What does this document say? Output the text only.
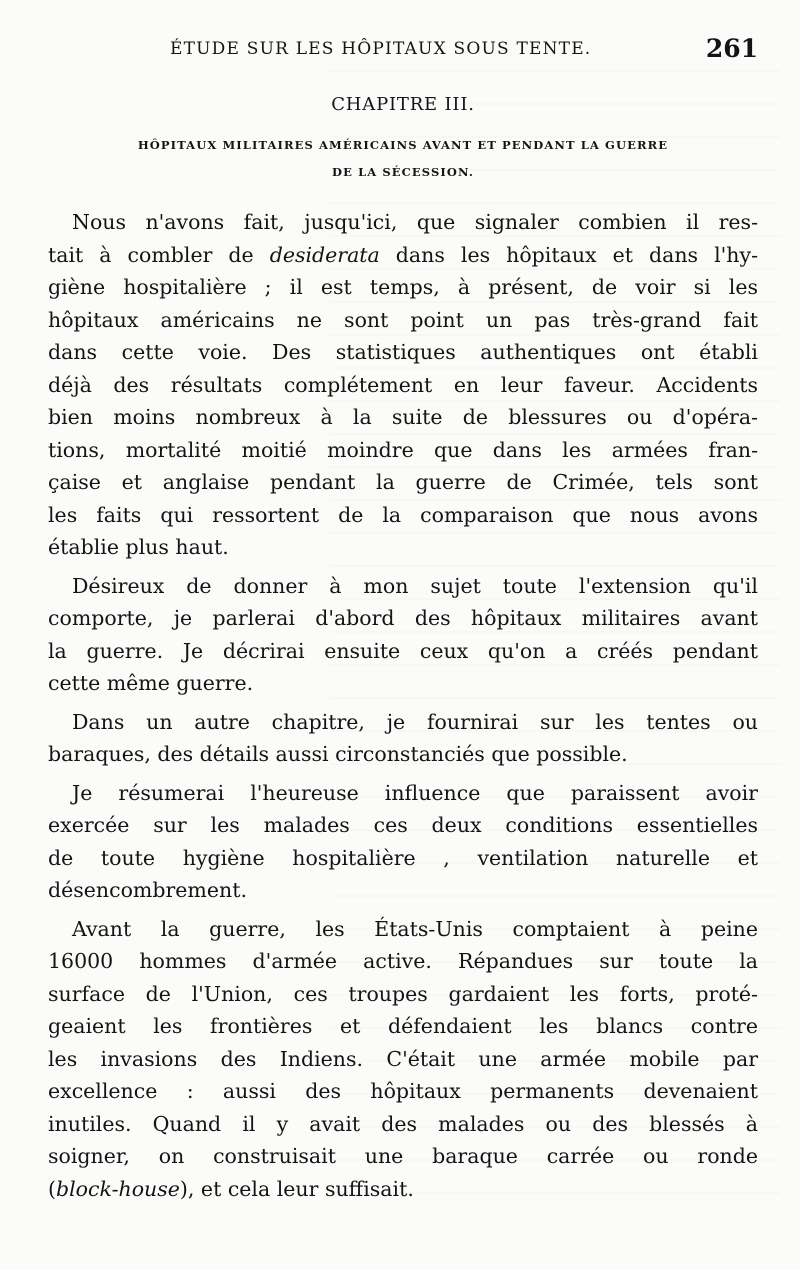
ÉTUDE SUR LES HÔPITAUX SOUS TENTE.	261
CHAPITRE III.
HÔPITAUX MILITAIRES AMÉRICAINS AVANT ET PENDANT LA GUERRE
DE LA SÉCESSION.

Nous n'avons fait, jusqu'ici, que signaler combien il res-
tait à combler de desiderata dans les hôpitaux et dans l'hy-
giène hospitalière ; il est temps, à présent, de voir si les
hôpitaux américains ne sont point un pas très-grand fait
dans cette voie. Des statistiques authentiques ont établi
déjà des résultats complétement en leur faveur. Accidents
bien moins nombreux à la suite de blessures ou d'opéra-
tions, mortalité moitié moindre que dans les armées fran-
çaise et anglaise pendant la guerre de Crimée, tels sont
les faits qui ressortent de la comparaison que nous avons
établie plus haut.

Désireux de donner à mon sujet toute l'extension qu'il
comporte, je parlerai d'abord des hôpitaux militaires avant
la guerre. Je décrirai ensuite ceux qu'on a créés pendant
cette même guerre.

Dans un autre chapitre, je fournirai sur les tentes ou
baraques, des détails aussi circonstanciés que possible.

Je résumerai l'heureuse influence que paraissent avoir
exercée sur les malades ces deux conditions essentielles
de toute hygiène hospitalière , ventilation naturelle et
désencombrement.

Avant la guerre, les États-Unis comptaient à peine
16000 hommes d'armée active. Répandues sur toute la
surface de l'Union, ces troupes gardaient les forts, proté-
geaient les frontières et défendaient les blancs contre
les invasions des Indiens. C'était une armée mobile par
excellence : aussi des hôpitaux permanents devenaient
inutiles. Quand il y avait des malades ou des blessés à
soigner, on construisait une baraque carrée ou ronde
(block-house), et cela leur suffisait.
